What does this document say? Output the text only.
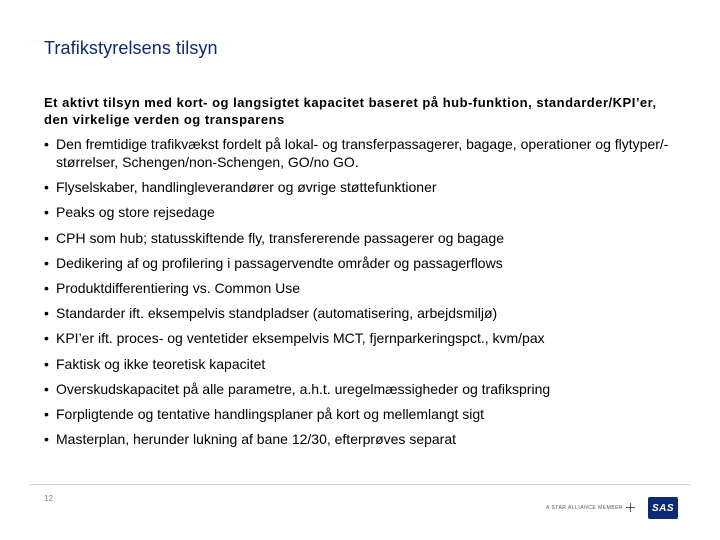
Trafikstyrelsens tilsyn
Et aktivt tilsyn med kort- og langsigtet kapacitet baseret på hub-funktion, standarder/KPI’er, den virkelige verden og transparens
• Den fremtidige trafikvækst fordelt på lokal- og transferpassagerer, bagage, operationer og flytyper/-størrelser, Schengen/non-Schengen, GO/no GO.
• Flyselskaber, handlingleverandører og øvrige støttefunktioner
• Peaks og store rejsedage
• CPH som hub; statusskiftende fly, transfererende passagerer og bagage
• Dedikering af og profilering i passagervendte områder og passagerflows
• Produktdifferentiering vs. Common Use
• Standarder ift. eksempelvis standpladser (automatisering, arbejdsmiljø)
• KPI’er ift. proces- og ventetider eksempelvis MCT, fjernparkeringspct., kvm/pax
• Faktisk og ikke teoretisk kapacitet
• Overskudskapacitet på alle parametre, a.h.t. uregelmæssigheder og trafikspring
• Forpligtende og tentative handlingsplaner på kort og mellemlangt sigt
• Masterplan, herunder lukning af bane 12/30, efterprøves separat
12
A STAR ALLIANCE MEMBER	SAS
